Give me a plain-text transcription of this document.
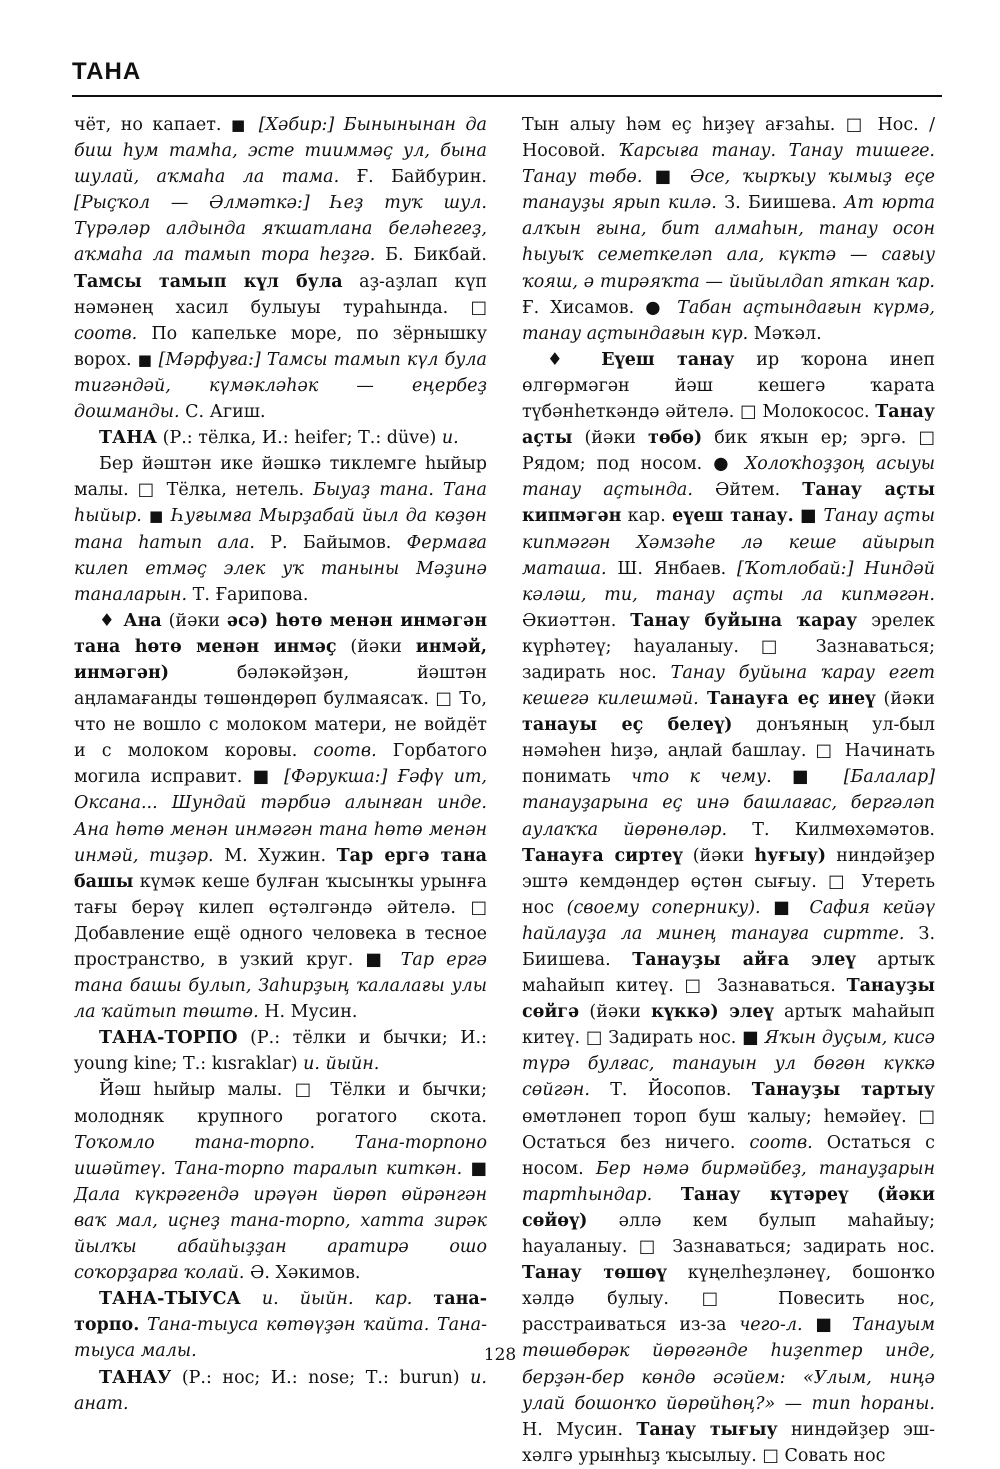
ТАНА

чёт, но капает. ■ [Хәбир:] Бынынынан да биш һум тамһа, эсте тииммәҫ ул, бына шулай, аҡмаһа ла тама. Ғ. Байбурин. [Рыҫҡол — Әлмәткә:] Һеҙ туҡ шул. Түрәләр алдында яҡшатлана беләһегеҙ, аҡмаһа ла тамып тора һеҙгә. Б. Бикбай. Тамсы тамып күл була аҙ-аҙлап күп нәмәнең хасил булыуы тураһында. □ соотв. По капельке море, по зёрнышку ворох. ■ [Мәрфуға:] Тамсы тамып күл була тигәндәй, күмәкләһәк — еңербеҙ дошманды. С. Агиш.

ТАНА (Р.: тёлка, И.: heifer; Т.: düve) и.

Бер йәштән ике йәшкә тиклемге һыйыр малы. □ Тёлка, нетель. Быуаҙ тана. Тана һыйыр. ■ Һуғымға Мырҙабай йыл да көҙөн тана һатып ала. Р. Байымов. Фермаға килеп етмәҫ элек уҡ таныны Мәҙинә таналарын. Т. Ғарипова.

♦ Ана (йәки әсә) һөтө менән инмәгән тана һөтө менән инмәҫ (йәки инмәй, инмәгән) бәләкәйҙән, йәштән аңламағанды төшөндөрөп булмаясаҡ. □ То, что не вошло с молоком матери, не войдёт и с молоком коровы. соотв. Горбатого могила исправит. ■ [Фәрукша:] Ғәфү ит, Оксана... Шундай тәрбиә алынған инде. Ана һөтө менән инмәгән тана һөтө менән инмәй, тиҙәр. М. Хужин. Тар ергә тана башы күмәк кеше булған ҡысынҡы урынға тағы берәү килеп өҫтәлгәндә әйтелә. □ Добавление ещё одного человека в тесное пространство, в узкий круг. ■ Тар ергә тана башы булып, Заһирҙың ҡалалағы улы ла ҡайтып төштө. Н. Мусин.

ТАНА-ТОРПО (Р.: тёлки и бычки; И.: young kine; Т.: kısraklar) и. йыйн.

Йәш һыйыр малы. □ Тёлки и бычки; молодняк крупного рогатого скота. Тоҡомло тана-торпо. Тана-торпоно ишәйтеү. Тана-торпо таралып киткән. ■ Дала күкрәгендә ирәүән йөрөп өйрәнгән ваҡ мал, иҫнеҙ тана-торпо, хатта зирәк йылҡы абайһыҙҙан аратирә ошо соҡорҙарға ҡолай. Ә. Хәкимов.

ТАНА-ТЫУСА и. йыйн. кар. тана-торпо. Тана-тыуса көтөүҙән ҡайта. Тана-тыуса малы.

ТАНАУ (Р.: нос; И.: nose; Т.: burun) и. анат.

Тын алыу һәм еҫ һиҙеү ағзаһы. □ Нос. / Носовой. Ҡарсыға танау. Танау тишеге. Танау төбө. ■ Әсе, ҡырҡыу ҡымыҙ еҫе танауҙы ярып килә. З. Биишева. Ат юрта алҡын ғына, бит алмаһын, танау осон һыуыҡ семеткеләп ала, күктә — сағыу ҡояш, ә тирәяҡта — йыйылдап яткан ҡар. Ғ. Хисамов. ● Табан аҫтындағын күрмә, танау аҫтындағын күр. Мәҡәл.

♦ Еүеш танау ир ҡорона инеп өлгөрмәгән йәш кешегә ҡарата түбәнһеткәндә әйтелә. □ Молокосос. Танау аҫты (йәки төбө) бик яҡын ер; эргә. □ Рядом; под носом. ● Холоҡһоҙҙоң асыуы танау аҫтында. Әйтем. Танау аҫты кипмәгән кар. еүеш танау. ■ Танау аҫты кипмәгән Хәмзәһе лә кеше айырып маташа. Ш. Янбаев. [Ҡотлобай:] Ниндәй кәләш, ти, танау аҫты ла кипмәгән. Әкиәттән. Танау буйына ҡарау эрелек күрһәтеү; һауаланыу. □ Зазнаваться; задирать нос. Танау буйына ҡарау егет кешегә килешмәй. Танауға еҫ инеү (йәки танауы еҫ белеү) донъяның ул-был нәмәһен һиҙә, аңлай башлау. □ Начинать понимать что к чему. ■ [Балалар] танауҙарына еҫ инә башлағас, бергәләп аулаҡҡа йөрөнөләр. Т. Килмөхәмәтов. Танауға сиртеү (йәки һуғыу) ниндәйҙер эштә кемдәндер өҫтөн сығыу. □ Утереть нос (своему сопернику). ■ Сафия кейәү һайлауҙа ла минең танауға сиртте. З. Биишева. Танауҙы айға элеү артыҡ маһайып китеү. □ Зазнаваться. Танауҙы сөйгә (йәки күккә) элеү артыҡ маһайып китеү. □ Задирать нос. ■ Яҡын дуҫым, кисә түрә булғас, танауын ул бөгөн күккә сөйгән. Т. Йосопов. Танауҙы тартыу өмөтләнеп тороп буш ҡалыу; һемәйеү. □ Остаться без ничего. соотв. Остаться с носом. Бер нәмә бирмәйбеҙ, танауҙарын тартһындар. Танау күтәреү (йәки сөйөү) әллә кем булып маһайыу; һауаланыу. □ Зазнаваться; задирать нос. Танау төшөү күңелһеҙләнеү, бошонҡо хәлдә булыу. □ Повесить нос, расстраиваться из-за чего-л. ■ Танауым төшөбөрәк йөрөгәнде һиҙептер инде, берҙән-бер көндө әсәйем: «Улым, ниңә улай бошонҡо йөрөйһөң?» — тип һораны. Н. Мусин. Танау тығыу ниндәйҙер эш-хәлгә урынһыҙ ҡысылыу. □ Совать нос

128
